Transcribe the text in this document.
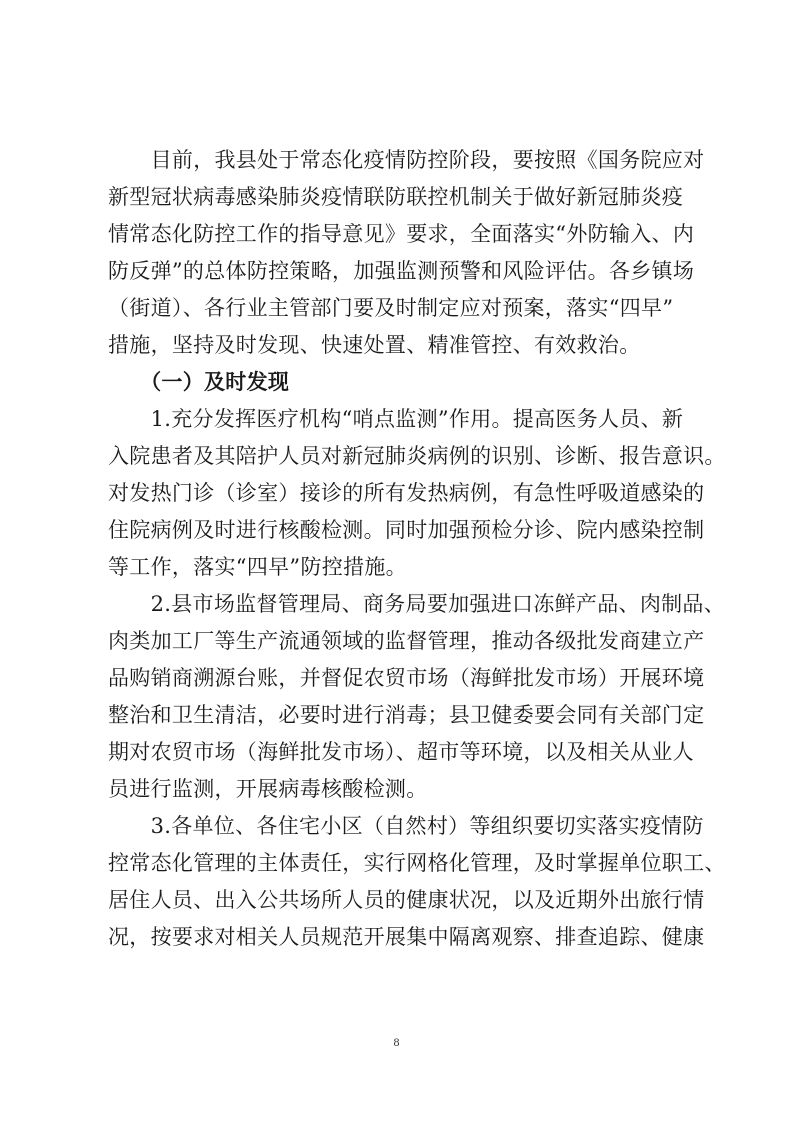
　　目前，我县处于常态化疫情防控阶段，要按照《国务院应对
新型冠状病毒感染肺炎疫情联防联控机制关于做好新冠肺炎疫
情常态化防控工作的指导意见》要求，全面落实“外防输入、内
防反弹”的总体防控策略，加强监测预警和风险评估。各乡镇场
（街道）、各行业主管部门要及时制定应对预案，落实“四早”
措施，坚持及时发现、快速处置、精准管控、有效救治。
　　（一）及时发现
　　1.充分发挥医疗机构“哨点监测”作用。提高医务人员、新
入院患者及其陪护人员对新冠肺炎病例的识别、诊断、报告意识。
对发热门诊（诊室）接诊的所有发热病例，有急性呼吸道感染的
住院病例及时进行核酸检测。同时加强预检分诊、院内感染控制
等工作，落实“四早”防控措施。
　　2.县市场监督管理局、商务局要加强进口冻鲜产品、肉制品、
肉类加工厂等生产流通领域的监督管理，推动各级批发商建立产
品购销商溯源台账，并督促农贸市场（海鲜批发市场）开展环境
整治和卫生清洁，必要时进行消毒；县卫健委要会同有关部门定
期对农贸市场（海鲜批发市场）、超市等环境，以及相关从业人
员进行监测，开展病毒核酸检测。
　　3.各单位、各住宅小区（自然村）等组织要切实落实疫情防
控常态化管理的主体责任，实行网格化管理，及时掌握单位职工、
居住人员、出入公共场所人员的健康状况，以及近期外出旅行情
况，按要求对相关人员规范开展集中隔离观察、排查追踪、健康
8
